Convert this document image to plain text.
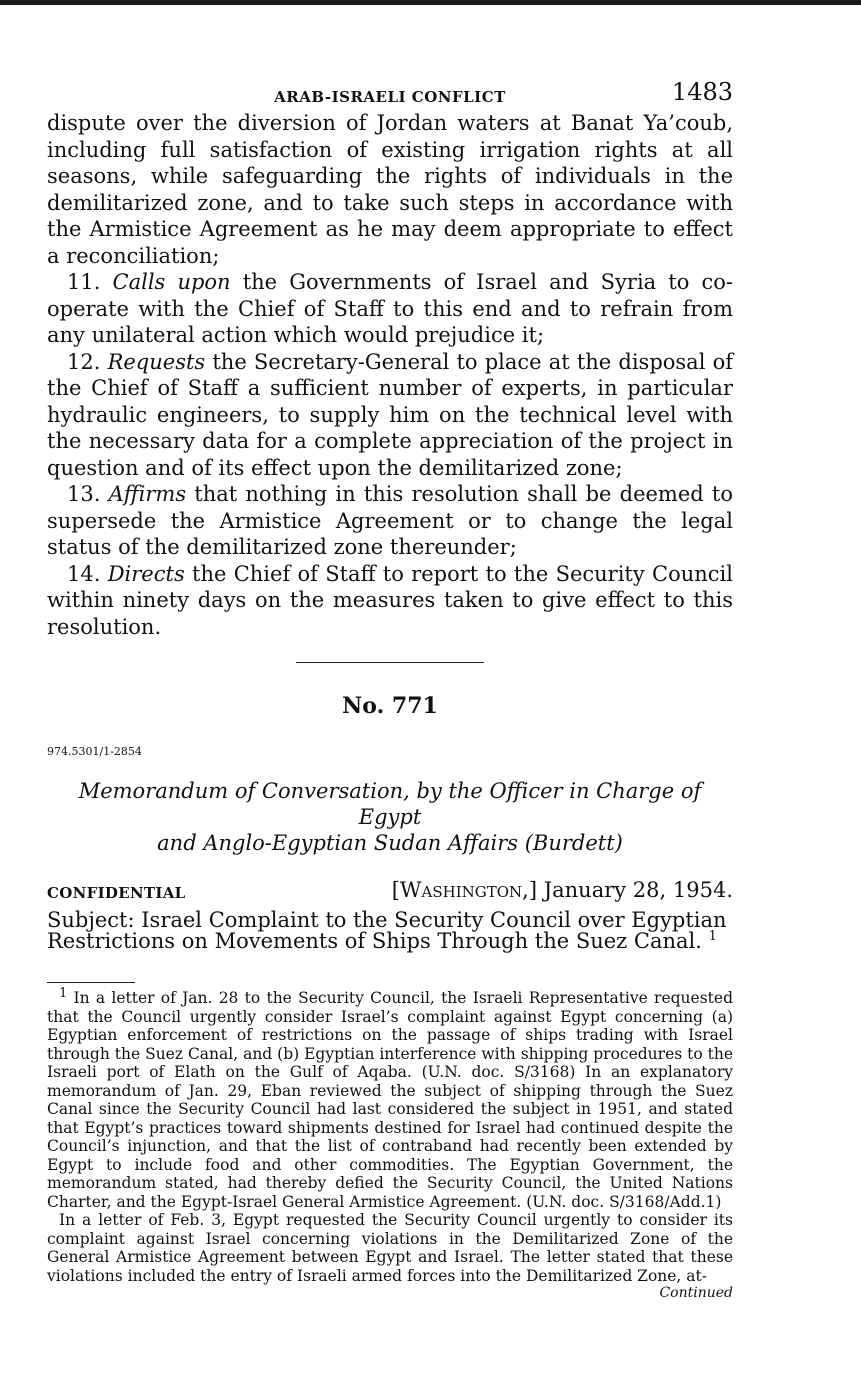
ARAB-ISRAELI CONFLICT	1483

dispute over the diversion of Jordan waters at Banat Ya’coub, including full satisfaction of existing irrigation rights at all seasons, while safeguarding the rights of individuals in the demilitarized zone, and to take such steps in accordance with the Armistice Agreement as he may deem appropriate to effect a reconciliation;

11. Calls upon the Governments of Israel and Syria to co-operate with the Chief of Staff to this end and to refrain from any unilateral action which would prejudice it;

12. Requests the Secretary-General to place at the disposal of the Chief of Staff a sufficient number of experts, in particular hydraulic engineers, to supply him on the technical level with the necessary data for a complete appreciation of the project in question and of its effect upon the demilitarized zone;

13. Affirms that nothing in this resolution shall be deemed to supersede the Armistice Agreement or to change the legal status of the demilitarized zone thereunder;

14. Directs the Chief of Staff to report to the Security Council within ninety days on the measures taken to give effect to this resolution.

No. 771
974.5301/1-2854
Memorandum of Conversation, by the Officer in Charge of Egypt
and Anglo-Egyptian Sudan Affairs (Burdett)
CONFIDENTIAL	[Washington,] January 28, 1954.
Subject: Israel Complaint to the Security Council over Egyptian
Restrictions on Movements of Ships Through the Suez Canal. $^1$

$^1$ In a letter of Jan. 28 to the Security Council, the Israeli Representative requested that the Council urgently consider Israel’s complaint against Egypt concerning (a) Egyptian enforcement of restrictions on the passage of ships trading with Israel through the Suez Canal, and (b) Egyptian interference with shipping procedures to the Israeli port of Elath on the Gulf of Aqaba. (U.N. doc. S/3168) In an explanatory memorandum of Jan. 29, Eban reviewed the subject of shipping through the Suez Canal since the Security Council had last considered the subject in 1951, and stated that Egypt’s practices toward shipments destined for Israel had continued despite the Council’s injunction, and that the list of contraband had recently been extended by Egypt to include food and other commodities. The Egyptian Government, the memorandum stated, had thereby defied the Security Council, the United Nations Charter, and the Egypt-Israel General Armistice Agreement. (U.N. doc. S/3168/Add.1)

In a letter of Feb. 3, Egypt requested the Security Council urgently to consider its complaint against Israel concerning violations in the Demilitarized Zone of the General Armistice Agreement between Egypt and Israel. The letter stated that these violations included the entry of Israeli armed forces into the Demilitarized Zone, at-

Continued
